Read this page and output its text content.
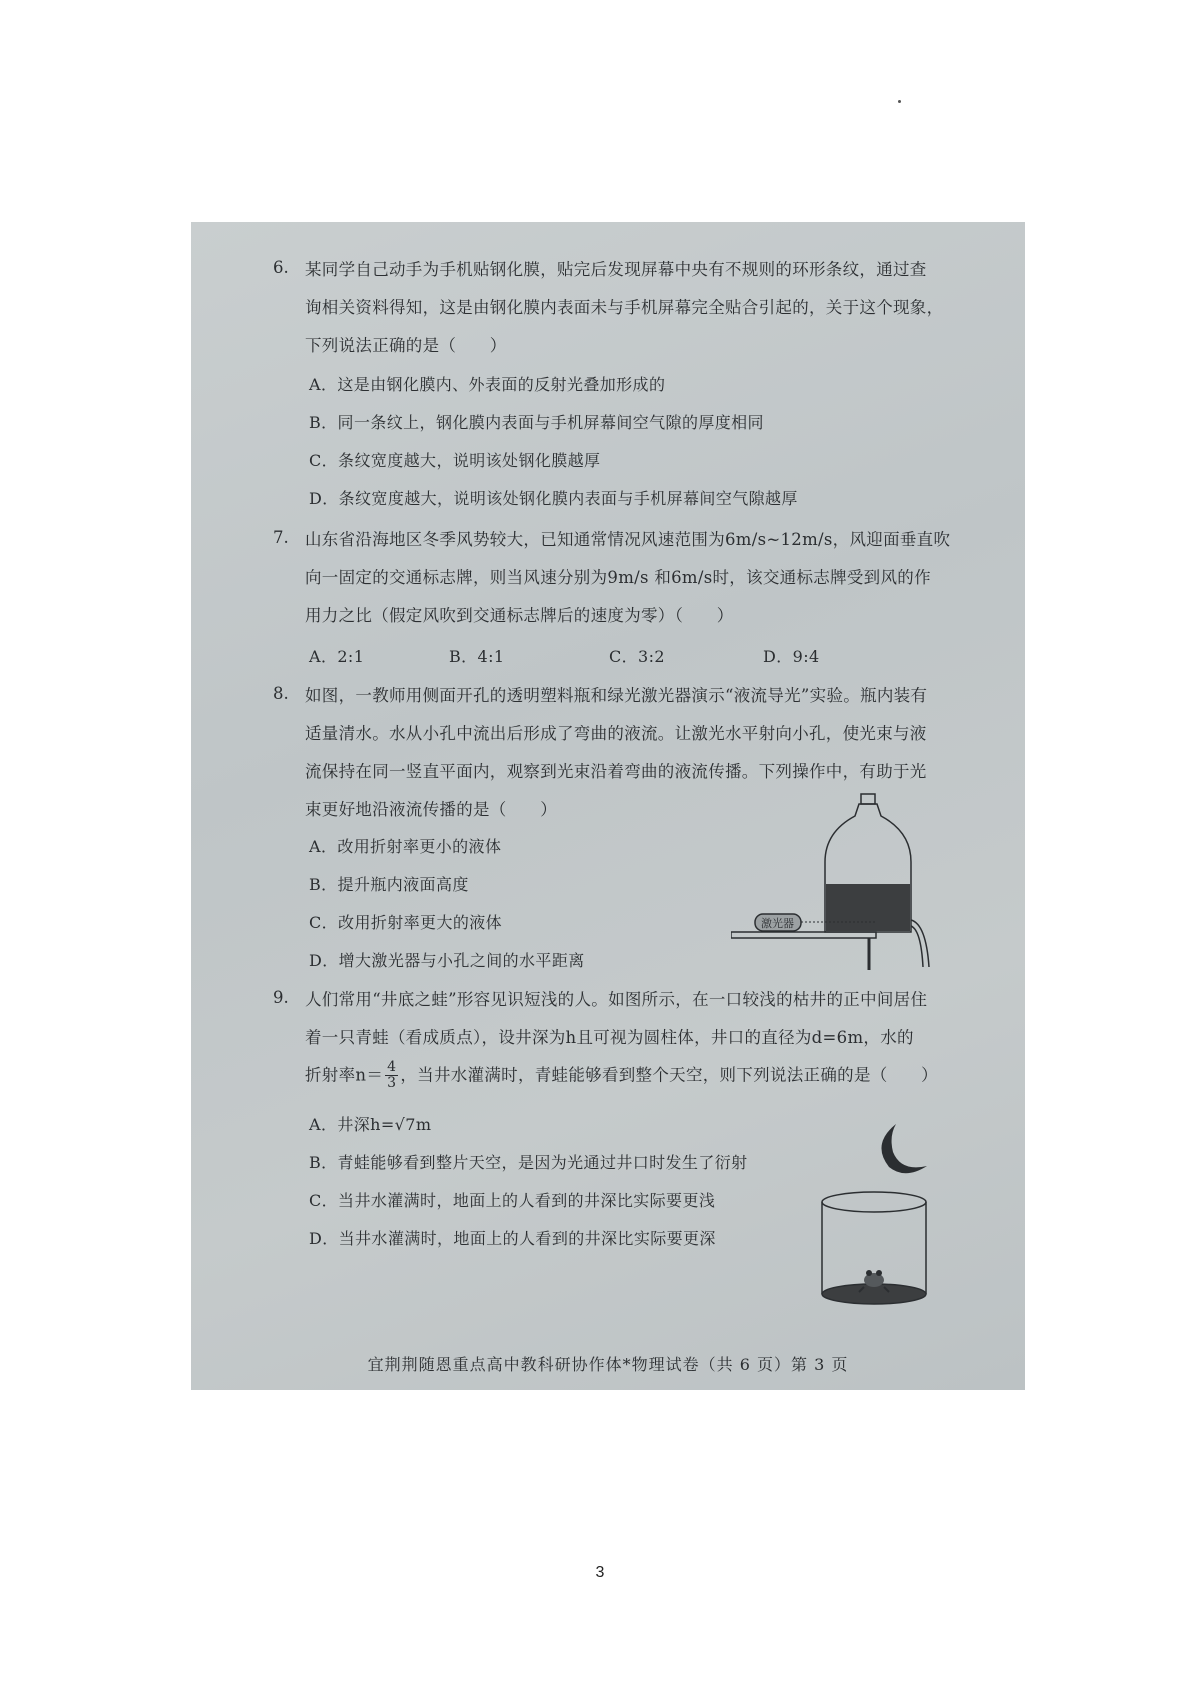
6. 某同学自己动手为手机贴钢化膜，贴完后发现屏幕中央有不规则的环形条纹，通过查
询相关资料得知，这是由钢化膜内表面未与手机屏幕完全贴合引起的，关于这个现象，
下列说法正确的是（　　）
A．这是由钢化膜内、外表面的反射光叠加形成的
B．同一条纹上，钢化膜内表面与手机屏幕间空气隙的厚度相同
C．条纹宽度越大，说明该处钢化膜越厚
D．条纹宽度越大，说明该处钢化膜内表面与手机屏幕间空气隙越厚
7. 山东省沿海地区冬季风势较大，已知通常情况风速范围为6m/s~12m/s，风迎面垂直吹
向一固定的交通标志牌，则当风速分别为9m/s 和6m/s时，该交通标志牌受到风的作
用力之比（假定风吹到交通标志牌后的速度为零）（　　）
A．2:1	B．4:1	C．3:2	D．9:4
8. 如图，一教师用侧面开孔的透明塑料瓶和绿光激光器演示“液流导光”实验。瓶内装有
适量清水。水从小孔中流出后形成了弯曲的液流。让激光水平射向小孔，使光束与液
流保持在同一竖直平面内，观察到光束沿着弯曲的液流传播。下列操作中，有助于光
束更好地沿液流传播的是（　　）
A．改用折射率更小的液体
B．提升瓶内液面高度
C．改用折射率更大的液体
D．增大激光器与小孔之间的水平距离
激光器
9. 人们常用“井底之蛙”形容见识短浅的人。如图所示，在一口较浅的枯井的正中间居住
着一只青蛙（看成质点），设井深为h且可视为圆柱体，井口的直径为d=6m，水的
折射率$n= \frac{4}{3}$ ，当井水灌满时，青蛙能够看到整个天空，则下列说法正确的是（　　）
A．井深h=√7m
B．青蛙能够看到整片天空，是因为光通过井口时发生了衍射
C．当井水灌满时，地面上的人看到的井深比实际要更浅
D．当井水灌满时，地面上的人看到的井深比实际要更深
宜荆荆随恩重点高中教科研协作体*物理试卷（共 6 页）第 3 页
3
